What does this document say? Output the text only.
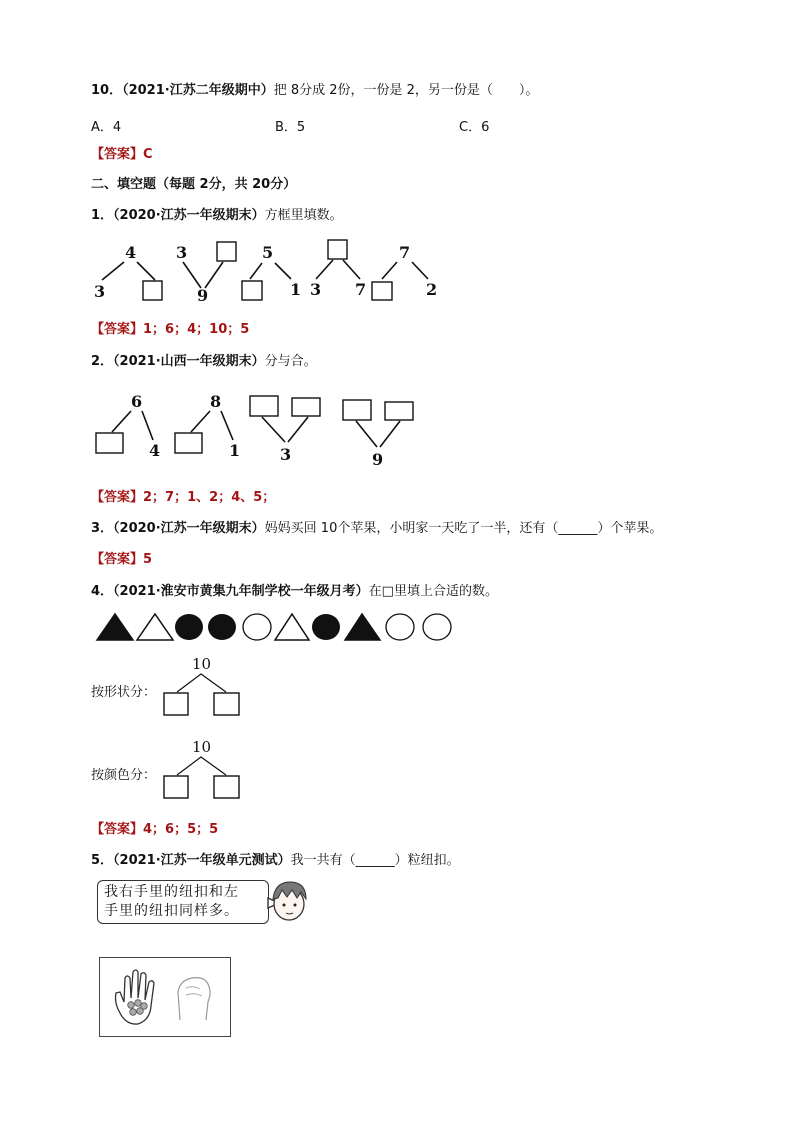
10．（2021·江苏二年级期中）把 8分成 2份，一份是 2，另一份是（　　）。
A．4	B．5	C．6
【答案】C
二、填空题（每题 2分，共 20分）
1．（2020·江苏一年级期末）方框里填数。
4
3
3
9
5
1 3 7
7
2
【答案】1；6；4；10；5
2．（2021·山西一年级期末）分与合。
6
4
8
1 3	9
【答案】2；7；1、2；4、5；
3．（2020·江苏一年级期末）妈妈买回 10个苹果，小明家一天吃了一半，还有（______）个苹果。
【答案】5
4．（2021·淮安市黄集九年制学校一年级月考）在□里填上合适的数。
10
10
按形状分：
按颜色分：
【答案】4；6；5；5
5．（2021·江苏一年级单元测试）我一共有（______）粒纽扣。
我右手里的纽扣和左
手里的纽扣同样多。
